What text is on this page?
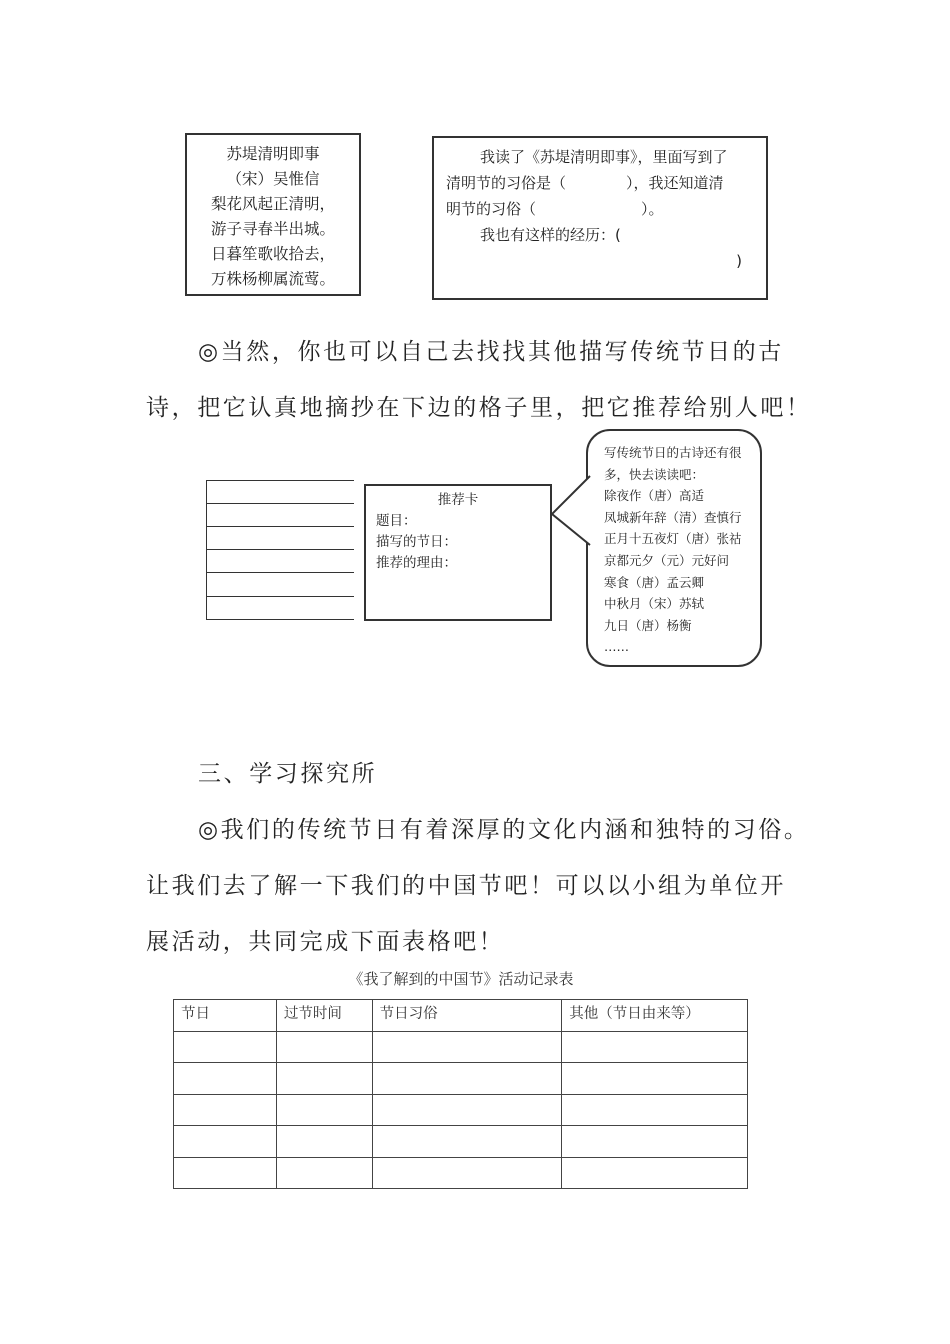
苏堤清明即事
（宋）吴惟信
梨花风起正清明，
游子寻春半出城。
日暮笙歌收拾去，
万株杨柳属流莺。
我读了《苏堤清明即事》，里面写到了
清明节的习俗是（　　　　），我还知道清
明节的习俗（　　　　　　　）。
我也有这样的经历：(
)
◎当然，你也可以自己去找找其他描写传统节日的古
诗，把它认真地摘抄在下边的格子里，把它推荐给别人吧！
推荐卡
题目：
描写的节日：
推荐的理由：
写传统节日的古诗还有很
多，快去读读吧：
除夜作（唐）高适
凤城新年辞（清）查慎行
正月十五夜灯（唐）张祜
京都元夕（元）元好问
寒食（唐）孟云卿
中秋月（宋）苏轼
九日（唐）杨衡
……
三、学习探究所
◎我们的传统节日有着深厚的文化内涵和独特的习俗。
让我们去了解一下我们的中国节吧！可以以小组为单位开
展活动，共同完成下面表格吧！
《我了解到的中国节》活动记录表
节日	过节时间	节日习俗	其他（节日由来等）
